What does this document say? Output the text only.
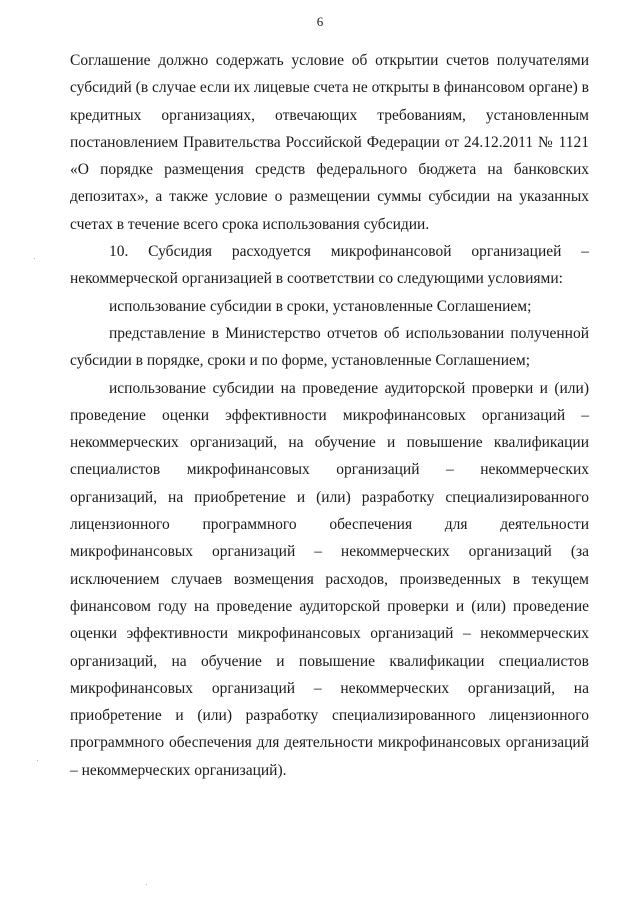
6

Соглашение должно содержать условие об открытии счетов получателями субсидий (в случае если их лицевые счета не открыты в финансовом органе) в кредитных организациях, отвечающих требованиям, установленным постановлением Правительства Российской Федерации от 24.12.2011 № 1121 «О порядке размещения средств федерального бюджета на банковских депозитах», а также условие о размещении суммы субсидии на указанных счетах в течение всего срока использования субсидии.

10. Субсидия расходуется микрофинансовой организацией – некоммерческой организацией в соответствии со следующими условиями:

использование субсидии в сроки, установленные Соглашением;

представление в Министерство отчетов об использовании полученной субсидии в порядке, сроки и по форме, установленные Соглашением;

использование субсидии на проведение аудиторской проверки и (или) проведение оценки эффективности микрофинансовых организаций – некоммерческих организаций, на обучение и повышение квалификации специалистов микрофинансовых организаций – некоммерческих организаций, на приобретение и (или) разработку специализированного лицензионного программного обеспечения для деятельности микрофинансовых организаций – некоммерческих организаций (за исключением случаев возмещения расходов, произведенных в текущем финансовом году на проведение аудиторской проверки и (или) проведение оценки эффективности микрофинансовых организаций – некоммерческих организаций, на обучение и повышение квалификации специалистов микрофинансовых организаций – некоммерческих организаций, на приобретение и (или) разработку специализированного лицензионного программного обеспечения для деятельности микрофинансовых организаций – некоммерческих организаций).
